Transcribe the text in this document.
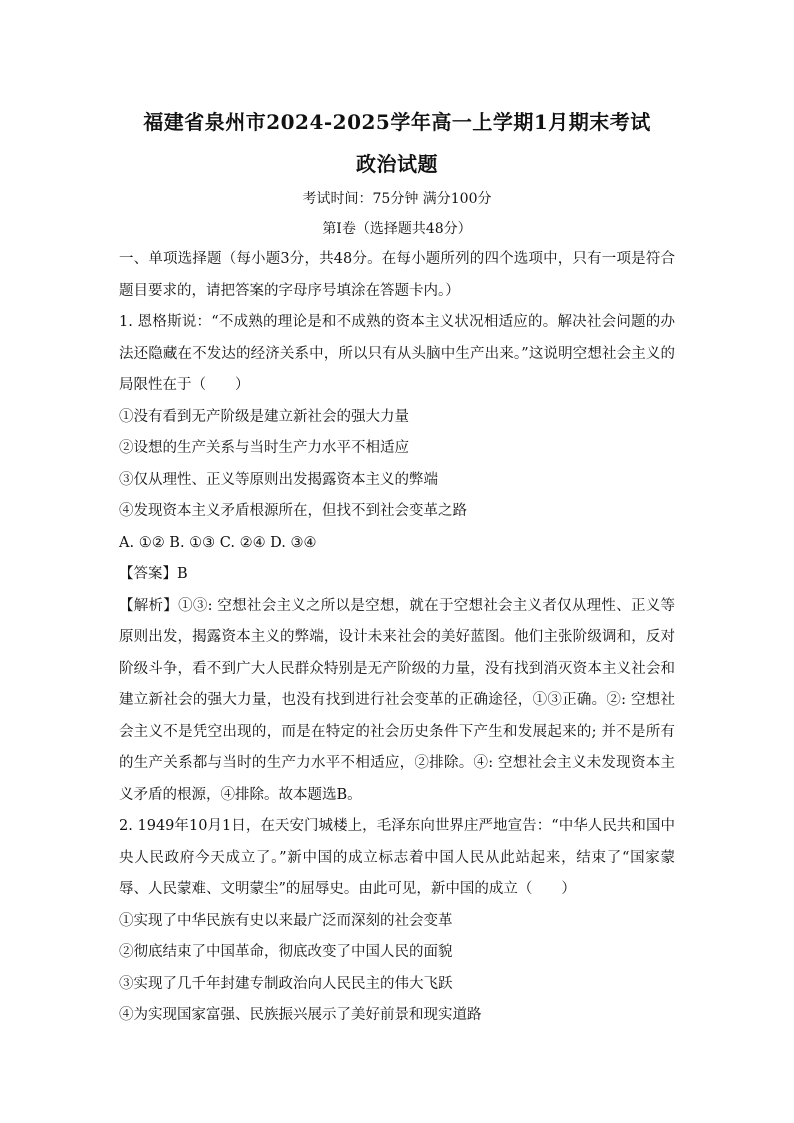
福建省泉州市2024-2025学年高一上学期1月期末考试
政治试题
考试时间：75分钟 满分100分
第Ⅰ卷（选择题共48分）

一、单项选择题（每小题3分，共48分。在每小题所列的四个选项中，只有一项是符合题目要求的，请把答案的字母序号填涂在答题卡内。）

1. 恩格斯说：“不成熟的理论是和不成熟的资本主义状况相适应的。解决社会问题的办法还隐藏在不发达的经济关系中，所以只有从头脑中生产出来。”这说明空想社会主义的局限性在于（　　）

①没有看到无产阶级是建立新社会的强大力量

②设想的生产关系与当时生产力水平不相适应

③仅从理性、正义等原则出发揭露资本主义的弊端

④发现资本主义矛盾根源所在，但找不到社会变革之路

A. ①② B. ①③ C. ②④ D. ③④

【答案】B

【解析】①③: 空想社会主义之所以是空想，就在于空想社会主义者仅从理性、正义等原则出发，揭露资本主义的弊端，设计未来社会的美好蓝图。他们主张阶级调和，反对阶级斗争，看不到广大人民群众特别是无产阶级的力量，没有找到消灭资本主义社会和建立新社会的强大力量，也没有找到进行社会变革的正确途径，①③正确。②: 空想社会主义不是凭空出现的，而是在特定的社会历史条件下产生和发展起来的; 并不是所有的生产关系都与当时的生产力水平不相适应，②排除。④: 空想社会主义未发现资本主义矛盾的根源，④排除。故本题选B。

2. 1949年10月1日，在天安门城楼上，毛泽东向世界庄严地宣告：“中华人民共和国中央人民政府今天成立了。”新中国的成立标志着中国人民从此站起来，结束了“国家蒙辱、人民蒙难、文明蒙尘”的屈辱史。由此可见，新中国的成立（　　）

①实现了中华民族有史以来最广泛而深刻的社会变革

②彻底结束了中国革命，彻底改变了中国人民的面貌

③实现了几千年封建专制政治向人民民主的伟大飞跃

④为实现国家富强、民族振兴展示了美好前景和现实道路
